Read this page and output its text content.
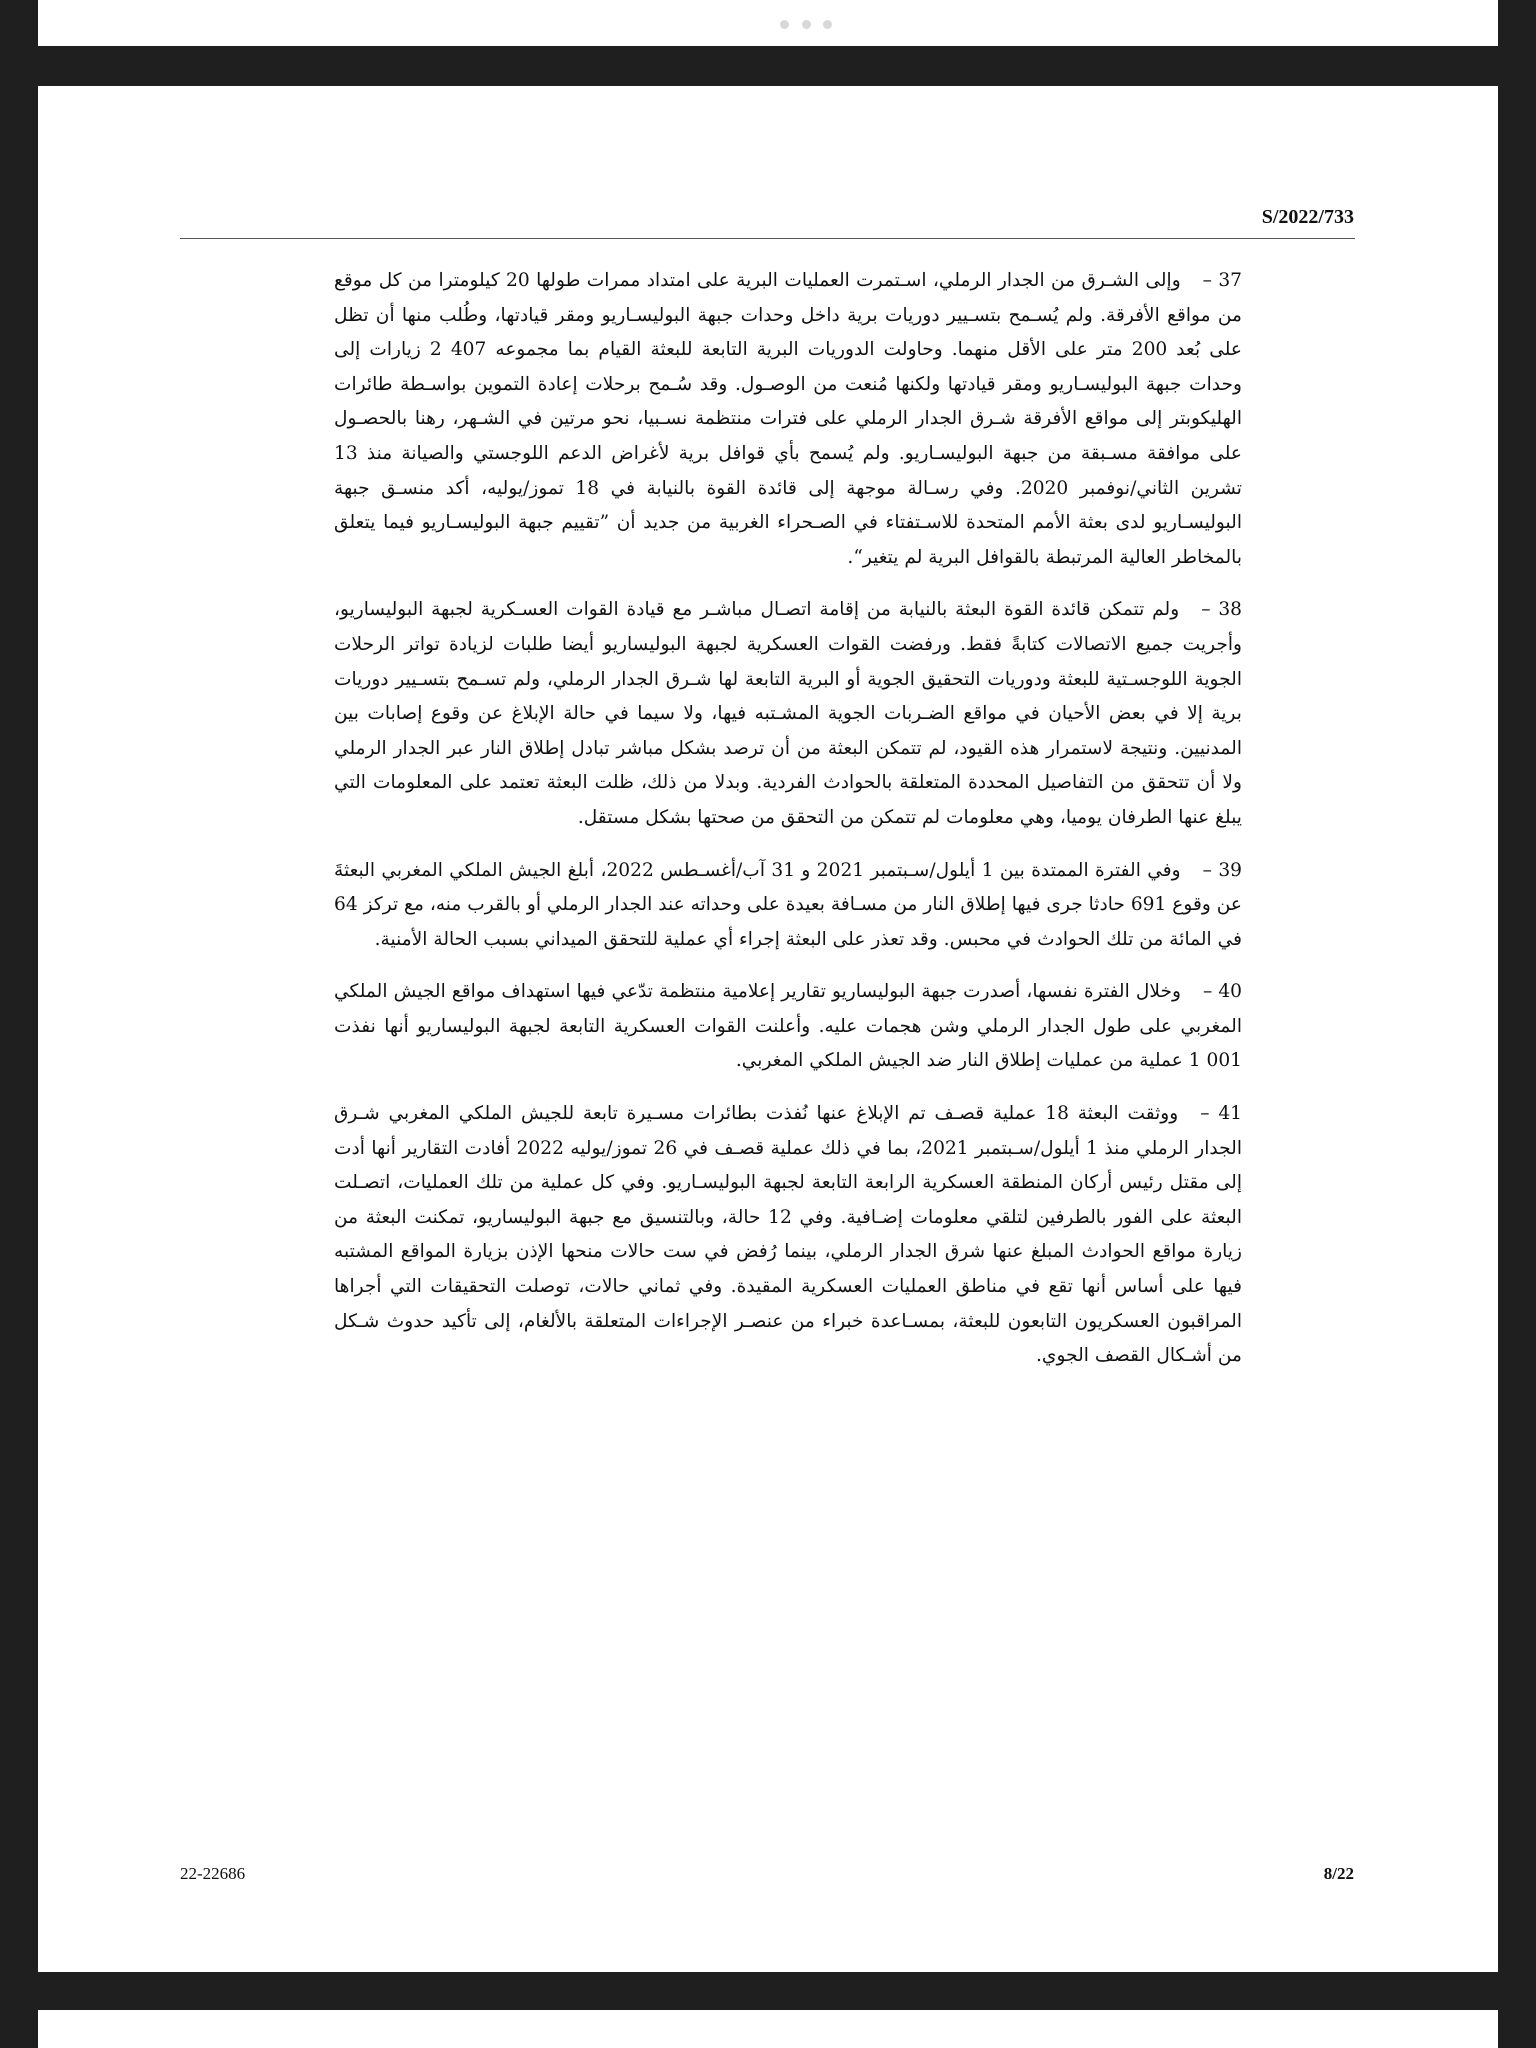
S/2022/733

37 –وإلى الشـرق من الجدار الرملي، اسـتمرت العمليات البرية على امتداد ممرات طولها 20 كيلومترا من كل موقع من مواقع الأفرقة. ولم يُسـمح بتسـيير دوريات برية داخل وحدات جبهة البوليسـاريو ومقر قيادتها، وطُلب منها أن تظل على بُعد 200 متر على الأقل منهما. وحاولت الدوريات البرية التابعة للبعثة القيام بما مجموعه 407 2 زيارات إلى وحدات جبهة البوليسـاريو ومقر قيادتها ولكنها مُنعت من الوصـول. وقد سُـمح برحلات إعادة التموين بواسـطة طائرات الهليكوبتر إلى مواقع الأفرقة شـرق الجدار الرملي على فترات منتظمة نسـبيا، نحو مرتين في الشـهر، رهنا بالحصـول على موافقة مسـبقة من جبهة البوليسـاريو. ولم يُسمح بأي قوافل برية لأغراض الدعم اللوجستي والصيانة منذ 13 تشرين الثاني/نوفمبر 2020. وفي رسـالة موجهة إلى قائدة القوة بالنيابة في 18 تموز/يوليه، أكد منسـق جبهة البوليسـاريو لدى بعثة الأمم المتحدة للاسـتفتاء في الصـحراء الغربية من جديد أن ”تقييم جبهة البوليسـاريو فيما يتعلق بالمخاطر العالية المرتبطة بالقوافل البرية لم يتغير“.

38 –ولم تتمكن قائدة القوة البعثة بالنيابة من إقامة اتصـال مباشـر مع قيادة القوات العسـكرية لجبهة البوليساريو، وأجريت جميع الاتصالات كتابةً فقط. ورفضت القوات العسكرية لجبهة البوليساريو أيضا طلبات لزيادة تواتر الرحلات الجوية اللوجسـتية للبعثة ودوريات التحقيق الجوية أو البرية التابعة لها شـرق الجدار الرملي، ولم تسـمح بتسـيير دوريات برية إلا في بعض الأحيان في مواقع الضـربات الجوية المشـتبه فيها، ولا سيما في حالة الإبلاغ عن وقوع إصابات بين المدنيين. ونتيجة لاستمرار هذه القيود، لم تتمكن البعثة من أن ترصد بشكل مباشر تبادل إطلاق النار عبر الجدار الرملي ولا أن تتحقق من التفاصيل المحددة المتعلقة بالحوادث الفردية. وبدلا من ذلك، ظلت البعثة تعتمد على المعلومات التي يبلغ عنها الطرفان يوميا، وهي معلومات لم تتمكن من التحقق من صحتها بشكل مستقل.

39 –وفي الفترة الممتدة بين 1 أيلول/سـبتمبر 2021 و 31 آب/أغسـطس 2022، أبلغ الجيش الملكي المغربي البعثةَ عن وقوع 691 حادثا جرى فيها إطلاق النار من مسـافة بعيدة على وحداته عند الجدار الرملي أو بالقرب منه، مع تركز 64 في المائة من تلك الحوادث في محبس. وقد تعذر على البعثة إجراء أي عملية للتحقق الميداني بسبب الحالة الأمنية.

40 –وخلال الفترة نفسها، أصدرت جبهة البوليساريو تقارير إعلامية منتظمة تدّعي فيها استهداف مواقع الجيش الملكي المغربي على طول الجدار الرملي وشن هجمات عليه. وأعلنت القوات العسكرية التابعة لجبهة البوليساريو أنها نفذت 001 1 عملية من عمليات إطلاق النار ضد الجيش الملكي المغربي.

41 –ووثقت البعثة 18 عملية قصـف تم الإبلاغ عنها نُفذت بطائرات مسـيرة تابعة للجيش الملكي المغربي شـرق الجدار الرملي منذ 1 أيلول/سـبتمبر 2021، بما في ذلك عملية قصـف في 26 تموز/يوليه 2022 أفادت التقارير أنها أدت إلى مقتل رئيس أركان المنطقة العسكرية الرابعة التابعة لجبهة البوليسـاريو. وفي كل عملية من تلك العمليات، اتصـلت البعثة على الفور بالطرفين لتلقي معلومات إضـافية. وفي 12 حالة، وبالتنسيق مع جبهة البوليساريو، تمكنت البعثة من زيارة مواقع الحوادث المبلغ عنها شرق الجدار الرملي، بينما رُفض في ست حالات منحها الإذن بزيارة المواقع المشتبه فيها على أساس أنها تقع في مناطق العمليات العسكرية المقيدة. وفي ثماني حالات، توصلت التحقيقات التي أجراها المراقبون العسكريون التابعون للبعثة، بمسـاعدة خبراء من عنصـر الإجراءات المتعلقة بالألغام، إلى تأكيد حدوث شـكل من أشـكال القصف الجوي.

22-22686	8/22
